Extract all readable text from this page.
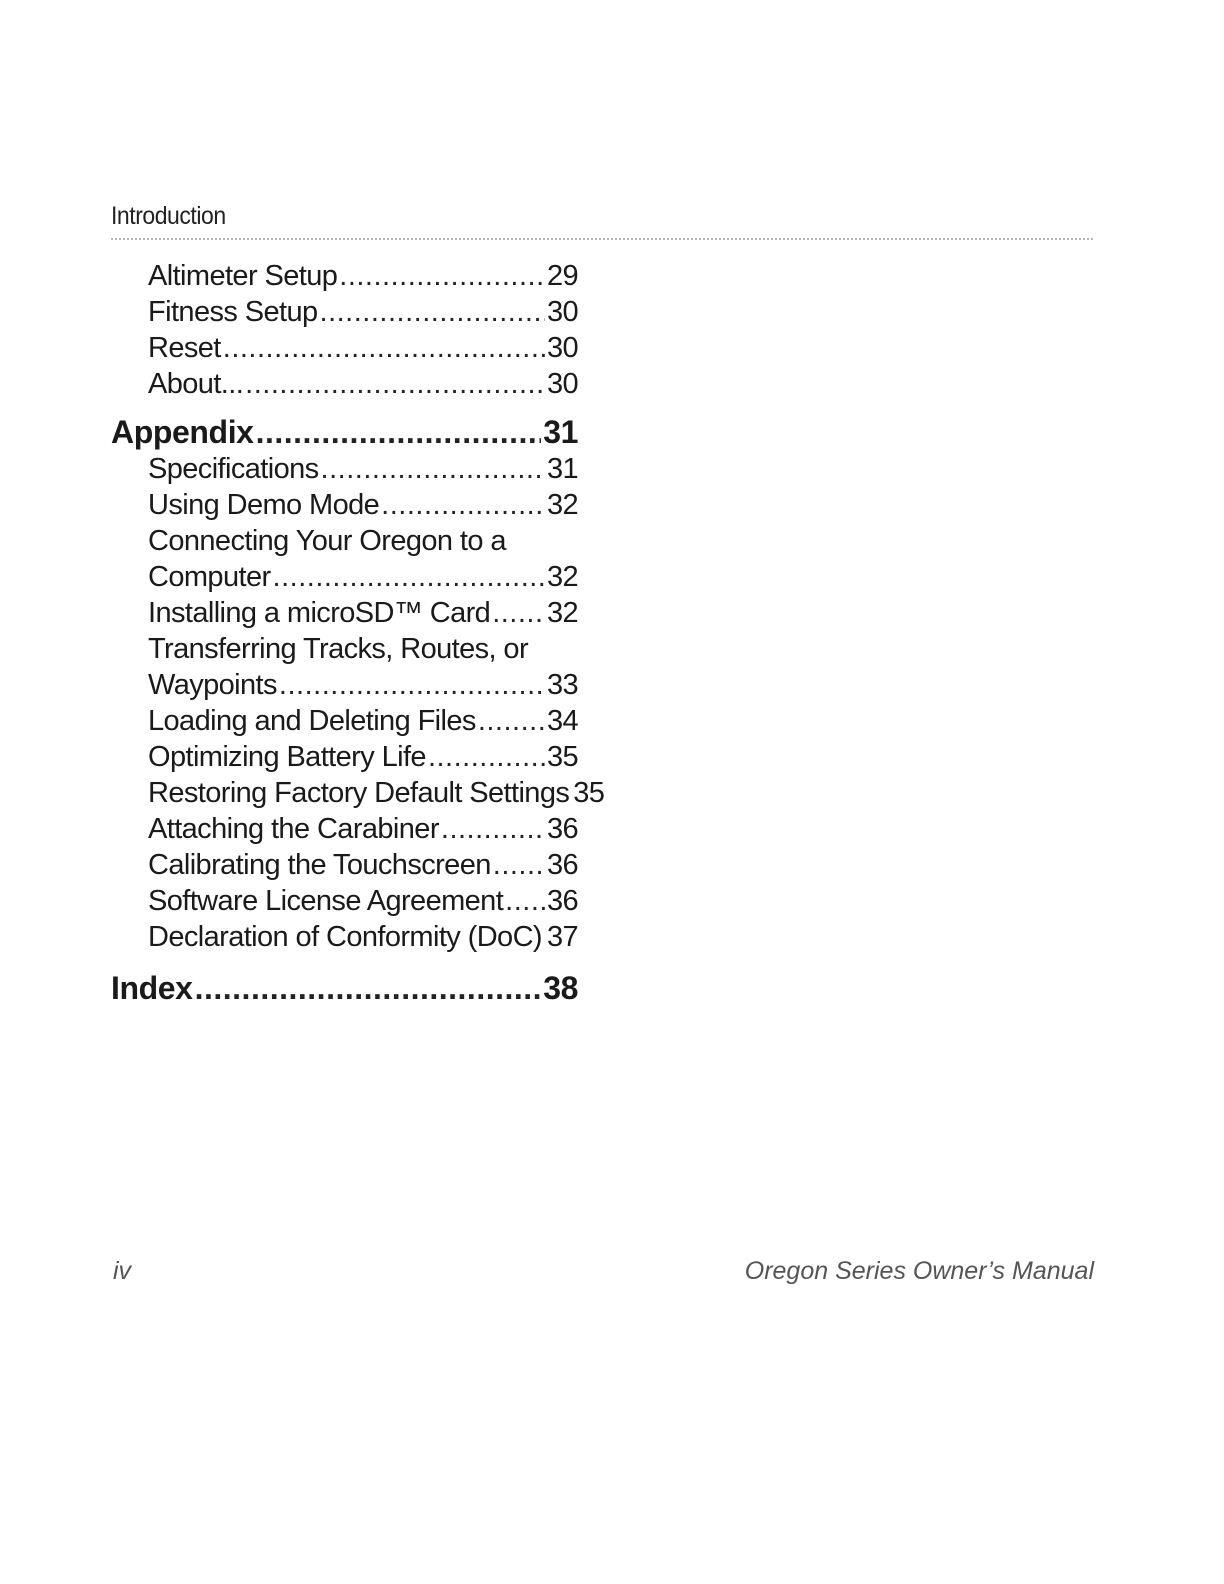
Introduction
Altimeter Setup .....	29
Fitness Setup .....	30
Reset .....	30
About... .....	30
Appendix .....	31
Specifications .....	31
Using Demo Mode .....	32
Connecting Your Oregon to a
Computer .....	32
Installing a microSD™ Card ..... 32
Transferring Tracks, Routes, or
Waypoints .....	33
Loading and Deleting Files ..... 34
Optimizing Battery Life .....	35
Restoring Factory Default Settings 35
Attaching the Carabiner .....	36
Calibrating the Touchscreen ..... 36
Software License Agreement ..... 36
Declaration of Conformity (DoC) ..... 37
Index .....	38
iv	Oregon Series Owner’s Manual
